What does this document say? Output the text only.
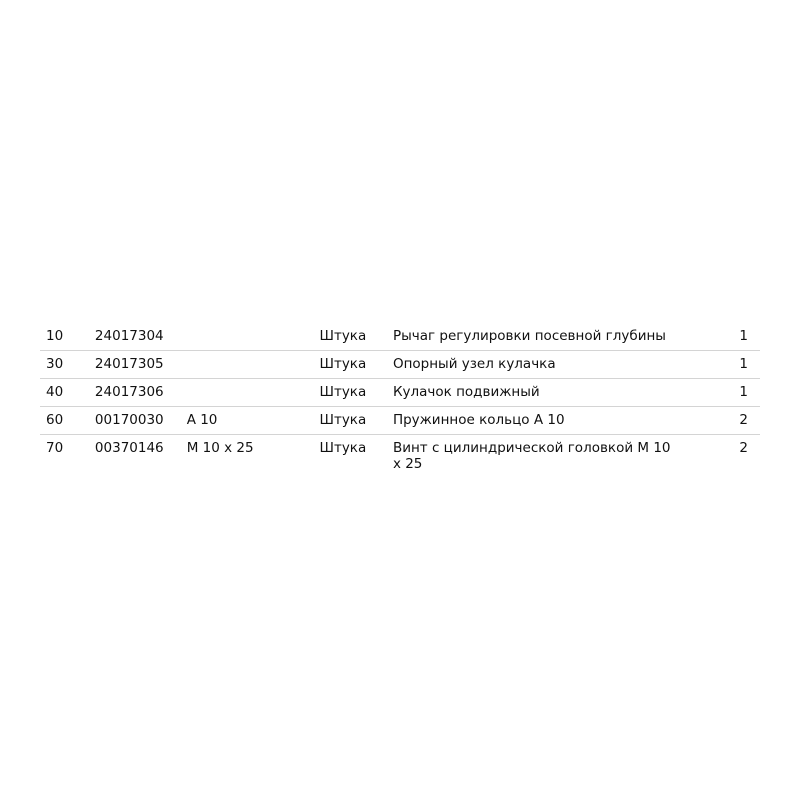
10	24017304		Штука	Рычаг регулировки посевной глубины	1
30	24017305		Штука	Опорный узел кулачка	1
40	24017306		Штука	Кулачок подвижный	1
60	00170030	A 10	Штука	Пружинное кольцо A 10	2
70	00370146	M 10 x 25	Штука	Винт с цилиндрической головкой M 10 x 25	2
